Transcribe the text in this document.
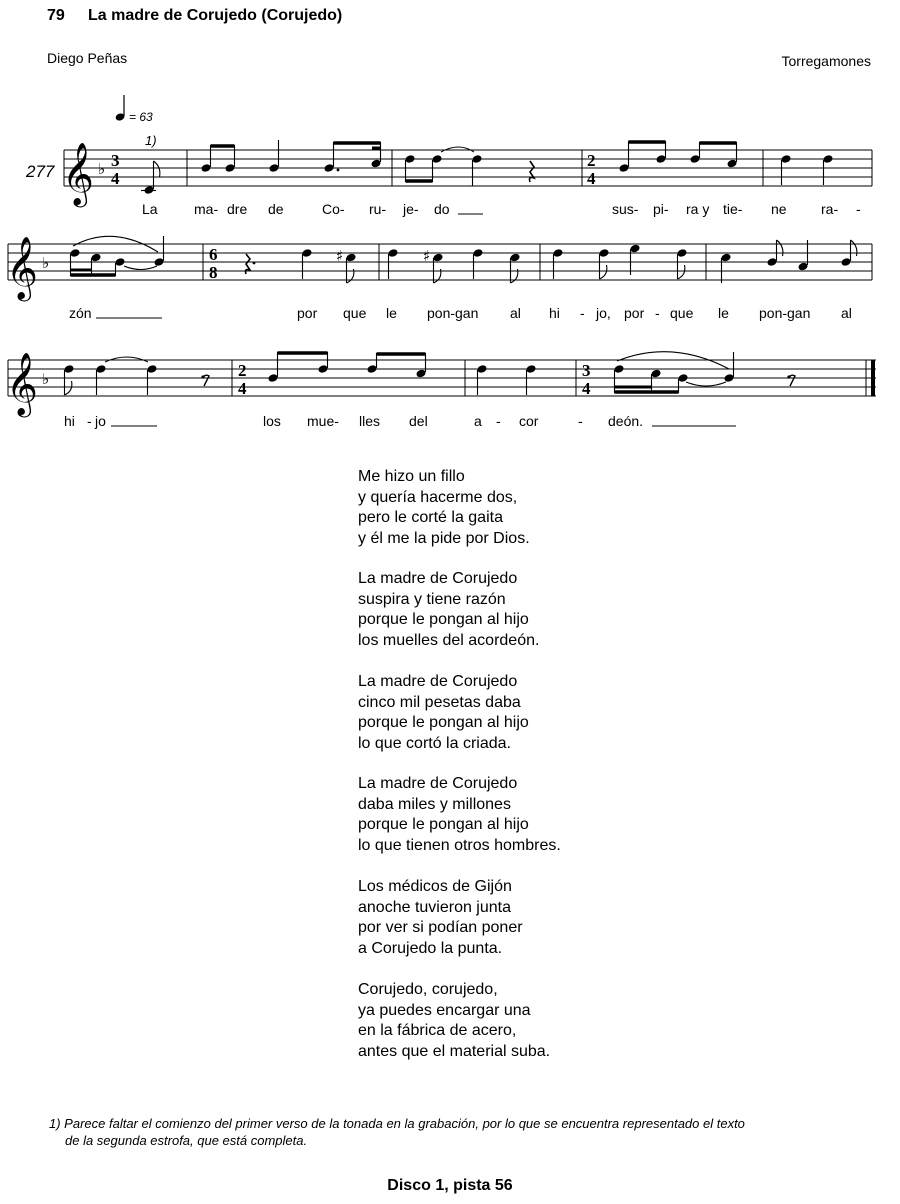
79 La madre de Corujedo (Corujedo)
Diego Peñas	Torregamones
= 63
1)
277 𝄞 ♭ 3
4
2
4
La	ma- dre de	Co- ru- je- do	sus- pi- ra y tie- ne ra- -
𝄞 ♭	6
8
♯	♯
zón	por que le pon-gan al hi - jo, por - que le pon-gan al
𝄞 ♭	2
4
3
4
hi - jo	los mue- lles del	a - cor	- deón.
Me hizo un fillo
y quería hacerme dos,
pero le corté la gaita
y él me la pide por Dios.
La madre de Corujedo
suspira y tiene razón
porque le pongan al hijo
los muelles del acordeón.
La madre de Corujedo
cinco mil pesetas daba
porque le pongan al hijo
lo que cortó la criada.
La madre de Corujedo
daba miles y millones
porque le pongan al hijo
lo que tienen otros hombres.
Los médicos de Gijón
anoche tuvieron junta
por ver si podían poner
a Corujedo la punta.
Corujedo, corujedo,
ya puedes encargar una
en la fábrica de acero,
antes que el material suba.
1) Parece faltar el comienzo del primer verso de la tonada en la grabación, por lo que se encuentra representado el texto
de la segunda estrofa, que está completa.
Disco 1, pista 56
